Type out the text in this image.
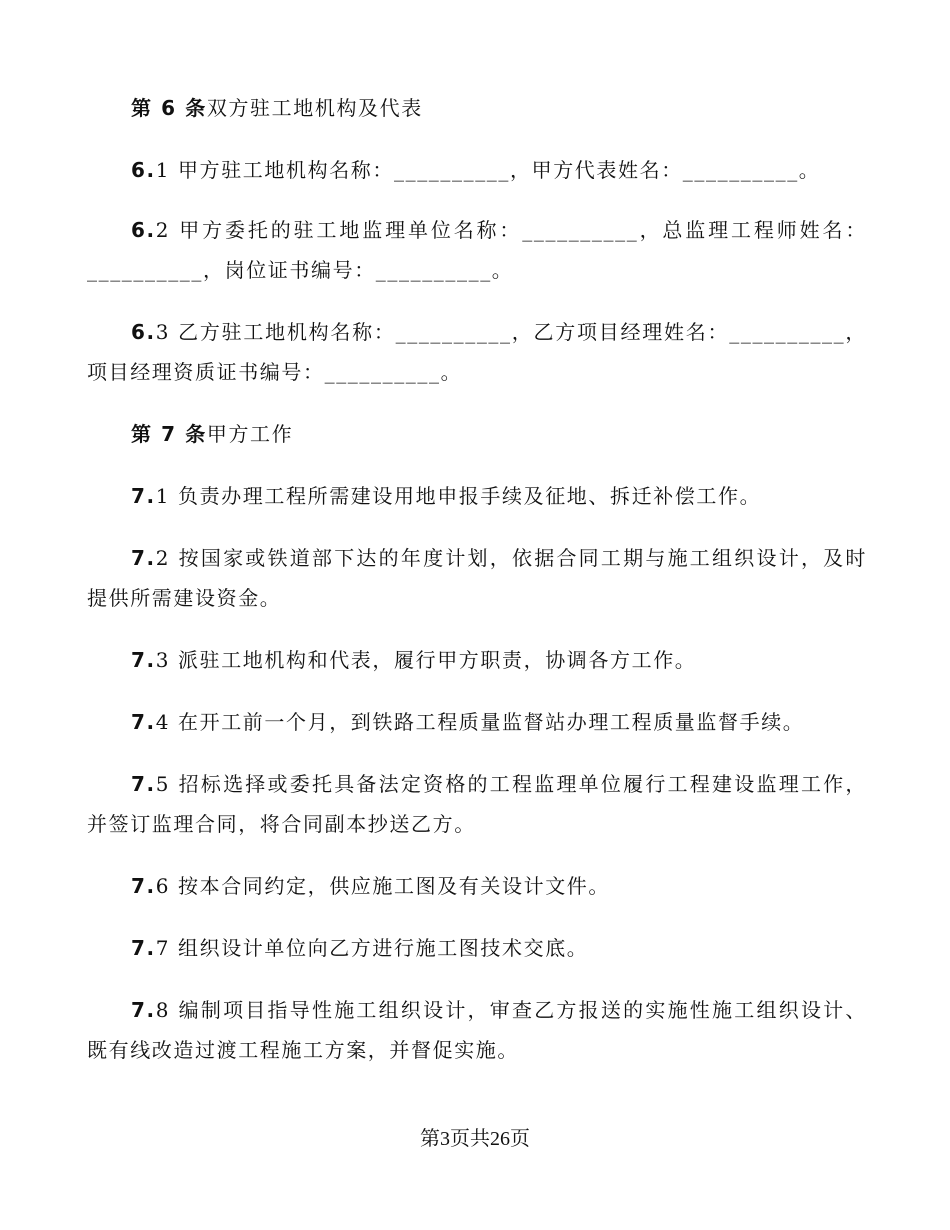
第 6 条双方驻工地机构及代表

6.1 甲方驻工地机构名称：__________，甲方代表姓名：__________。

6.2 甲方委托的驻工地监理单位名称：__________，总监理工程师姓名：__________，岗位证书编号：__________。

6.3 乙方驻工地机构名称：__________，乙方项目经理姓名：__________，项目经理资质证书编号：__________。

第 7 条甲方工作

7.1 负责办理工程所需建设用地申报手续及征地、拆迁补偿工作。

7.2 按国家或铁道部下达的年度计划，依据合同工期与施工组织设计，及时提供所需建设资金。

7.3 派驻工地机构和代表，履行甲方职责，协调各方工作。

7.4 在开工前一个月，到铁路工程质量监督站办理工程质量监督手续。

7.5 招标选择或委托具备法定资格的工程监理单位履行工程建设监理工作，并签订监理合同，将合同副本抄送乙方。

7.6 按本合同约定，供应施工图及有关设计文件。

7.7 组织设计单位向乙方进行施工图技术交底。

7.8 编制项目指导性施工组织设计，审查乙方报送的实施性施工组织设计、既有线改造过渡工程施工方案，并督促实施。

第3页共26页
